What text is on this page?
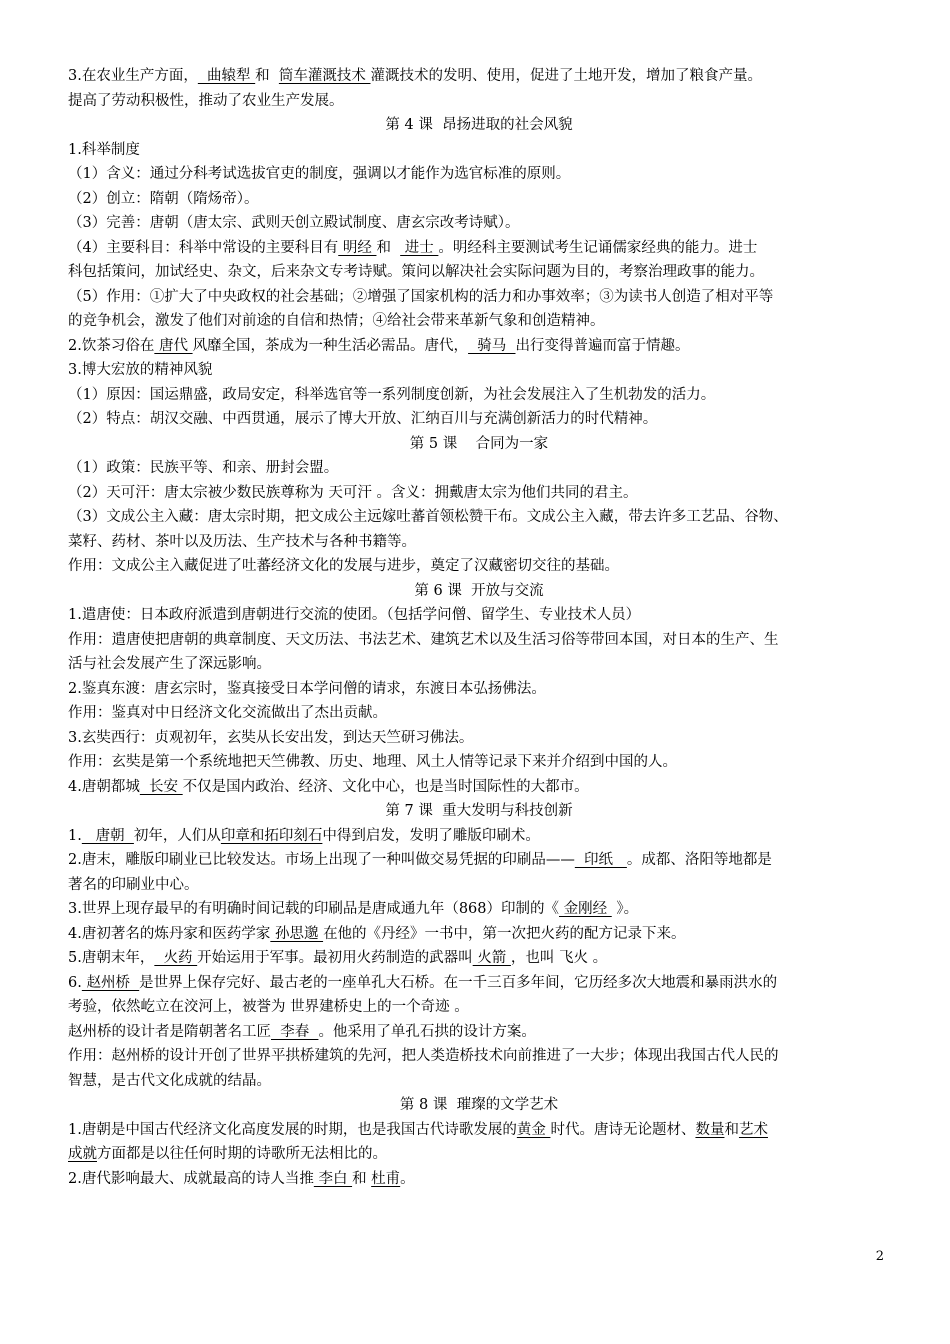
3.在农业生产方面，  曲辕犁 和  筒车灌溉技术 灌溉技术的发明、使用，促进了土地开发，增加了粮食产量。

提高了劳动积极性，推动了农业生产发展。

第 4 课  昂扬进取的社会风貌

1.科举制度

（1）含义：通过分科考试选拔官吏的制度，强调以才能作为选官标准的原则。

（2）创立：隋朝（隋炀帝）。

（3）完善：唐朝（唐太宗、武则天创立殿试制度、唐玄宗改考诗赋）。

（4）主要科目：科举中常设的主要科目有 明经 和   进士 。明经科主要测试考生记诵儒家经典的能力。进士

科包括策问，加试经史、杂文，后来杂文专考诗赋。策问以解决社会实际问题为目的，考察治理政事的能力。

（5）作用：①扩大了中央政权的社会基础；②增强了国家机构的活力和办事效率；③为读书人创造了相对平等

的竞争机会，激发了他们对前途的自信和热情；④给社会带来革新气象和创造精神。

2.饮茶习俗在 唐代 风靡全国，茶成为一种生活必需品。唐代，  骑马  出行变得普遍而富于情趣。

3.博大宏放的精神风貌

（1）原因：国运鼎盛，政局安定，科举选官等一系列制度创新，为社会发展注入了生机勃发的活力。

（2）特点：胡汉交融、中西贯通，展示了博大开放、汇纳百川与充满创新活力的时代精神。

第 5 课    合同为一家

（1）政策：民族平等、和亲、册封会盟。

（2）天可汗：唐太宗被少数民族尊称为 天可汗 。含义：拥戴唐太宗为他们共同的君主。

（3）文成公主入藏：唐太宗时期，把文成公主远嫁吐蕃首领松赞干布。文成公主入藏，带去许多工艺品、谷物、

菜籽、药材、茶叶以及历法、生产技术与各种书籍等。

作用：文成公主入藏促进了吐蕃经济文化的发展与进步，奠定了汉藏密切交往的基础。

第 6 课  开放与交流

1.遣唐使：日本政府派遣到唐朝进行交流的使团。（包括学问僧、留学生、专业技术人员）

作用：遣唐使把唐朝的典章制度、天文历法、书法艺术、建筑艺术以及生活习俗等带回本国，对日本的生产、生

活与社会发展产生了深远影响。

2.鉴真东渡：唐玄宗时，鉴真接受日本学问僧的请求，东渡日本弘扬佛法。

作用：鉴真对中日经济文化交流做出了杰出贡献。

3.玄奘西行：贞观初年，玄奘从长安出发，到达天竺研习佛法。

作用：玄奘是第一个系统地把天竺佛教、历史、地理、风土人情等记录下来并介绍到中国的人。

4.唐朝都城  长安 不仅是国内政治、经济、文化中心，也是当时国际性的大都市。

第 7 课  重大发明与科技创新

1.   唐朝  初年，人们从印章和拓印刻石中得到启发，发明了雕版印刷术。

2.唐末，雕版印刷业已比较发达。市场上出现了一种叫做交易凭据的印刷品——  印纸   。成都、洛阳等地都是

著名的印刷业中心。

3.世界上现存最早的有明确时间记载的印刷品是唐咸通九年（868）印制的《 金刚经  》。

4.唐初著名的炼丹家和医药学家 孙思邈 在他的《丹经》一书中，第一次把火药的配方记录下来。

5.唐朝末年，  火药 开始运用于军事。最初用火药制造的武器叫 火箭 ，也叫 飞火 。

6. 赵州桥  是世界上保存完好、最古老的一座单孔大石桥。在一千三百多年间，它历经多次大地震和暴雨洪水的

考验，依然屹立在洨河上，被誉为 世界建桥史上的一个奇迹 。

赵州桥的设计者是隋朝著名工匠  李春  。他采用了单孔石拱的设计方案。

作用：赵州桥的设计开创了世界平拱桥建筑的先河，把人类造桥技术向前推进了一大步；体现出我国古代人民的

智慧，是古代文化成就的结晶。

第 8 课  璀璨的文学艺术

1.唐朝是中国古代经济文化高度发展的时期，也是我国古代诗歌发展的黄金 时代。唐诗无论题材、数量和艺术

成就方面都是以往任何时期的诗歌所无法相比的。

2.唐代影响最大、成就最高的诗人当推 李白 和 杜甫。

2
